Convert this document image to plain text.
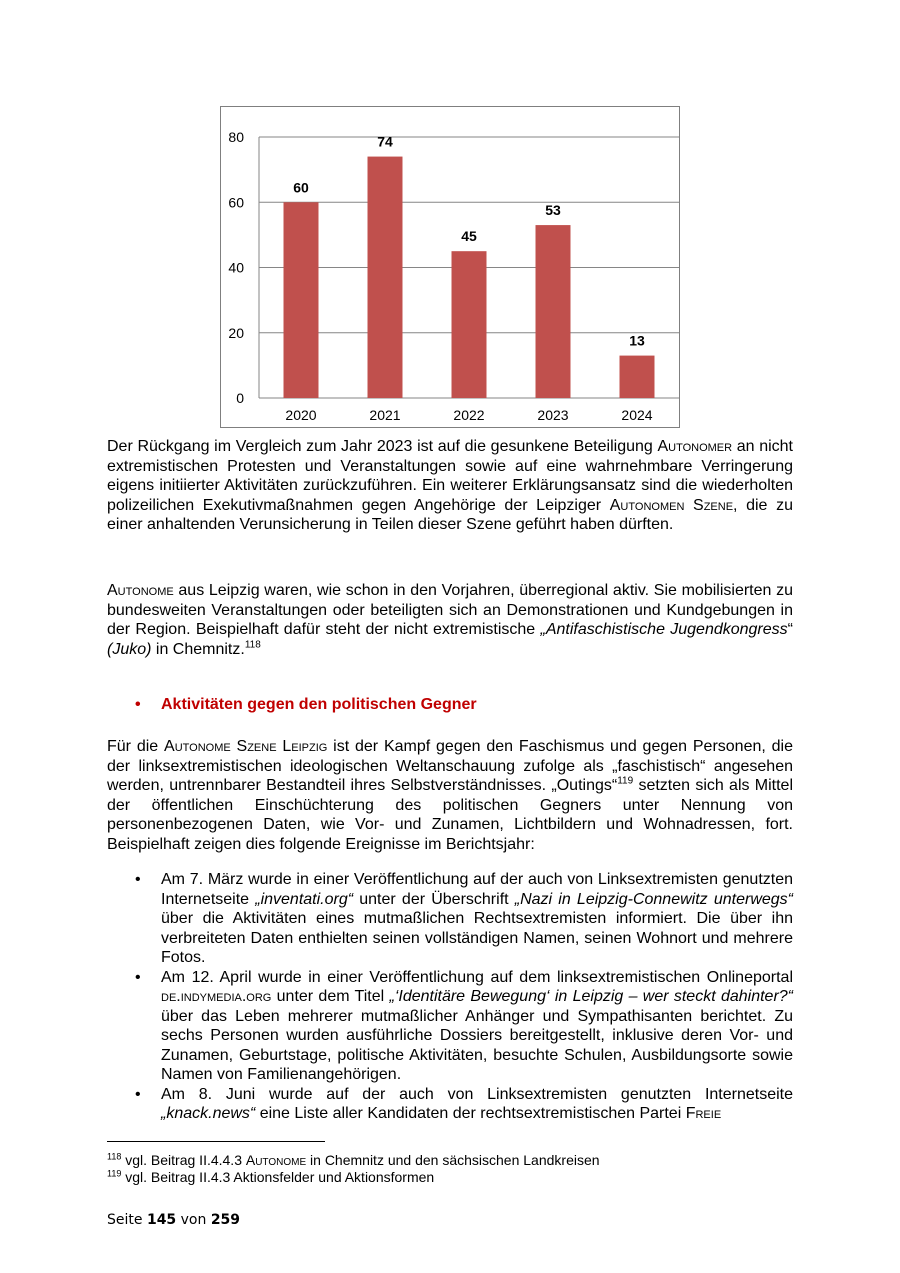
0
20
40
60
80
60
2020
74
2021
45
2022
53
2023
13
2024

Der Rückgang im Vergleich zum Jahr 2023 ist auf die gesunkene Beteiligung Autonomer an nicht extremistischen Protesten und Veranstaltungen sowie auf eine wahrnehmbare Verringerung eigens initiierter Aktivitäten zurückzuführen. Ein weiterer Erklärungsansatz sind die wiederholten polizeilichen Exekutivmaßnahmen gegen Angehörige der Leipziger Autonomen Szene, die zu einer anhaltenden Verunsicherung in Teilen dieser Szene geführt haben dürften.

Autonome aus Leipzig waren, wie schon in den Vorjahren, überregional aktiv. Sie mobilisierten zu bundesweiten Veranstaltungen oder beteiligten sich an Demonstrationen und Kundgebungen in der Region. Beispielhaft dafür steht der nicht extremistische „Antifaschistische Jugendkongress“ (Juko) in Chemnitz.$^{118}$

• Aktivitäten gegen den politischen Gegner

Für die Autonome Szene Leipzig ist der Kampf gegen den Faschismus und gegen Personen, die der linksextremistischen ideologischen Weltanschauung zufolge als „faschistisch“ angesehen werden, untrennbarer Bestandteil ihres Selbstverständnisses. „Outings“$^{119}$ setzten sich als Mittel der öffentlichen Einschüchterung des politischen Gegners unter Nennung von personenbezogenen Daten, wie Vor- und Zunamen, Lichtbildern und Wohnadressen, fort. Beispielhaft zeigen dies folgende Ereignisse im Berichtsjahr:

• Am 7. März wurde in einer Veröffentlichung auf der auch von Linksextremisten genutzten Internetseite „inventati.org“ unter der Überschrift „Nazi in Leipzig-Connewitz unterwegs“ über die Aktivitäten eines mutmaßlichen Rechtsextremisten informiert. Die über ihn verbreiteten Daten enthielten seinen vollständigen Namen, seinen Wohnort und mehrere Fotos.
• Am 12. April wurde in einer Veröffentlichung auf dem linksextremistischen Onlineportal de.indymedia.org unter dem Titel „‘Identitäre Bewegung‘ in Leipzig – wer steckt dahinter?“ über das Leben mehrerer mutmaßlicher Anhänger und Sympathisanten berichtet. Zu sechs Personen wurden ausführliche Dossiers bereitgestellt, inklusive deren Vor- und Zunamen, Geburtstage, politische Aktivitäten, besuchte Schulen, Ausbildungsorte sowie Namen von Familienangehörigen.
• Am 8. Juni wurde auf der auch von Linksextremisten genutzten Internetseite „knack.news“ eine Liste aller Kandidaten der rechtsextremistischen Partei Freie
$^{118}$ vgl. Beitrag II.4.4.3 Autonome in Chemnitz und den sächsischen Landkreisen
$^{119}$ vgl. Beitrag II.4.3 Aktionsfelder und Aktionsformen
Seite 145 von 259
